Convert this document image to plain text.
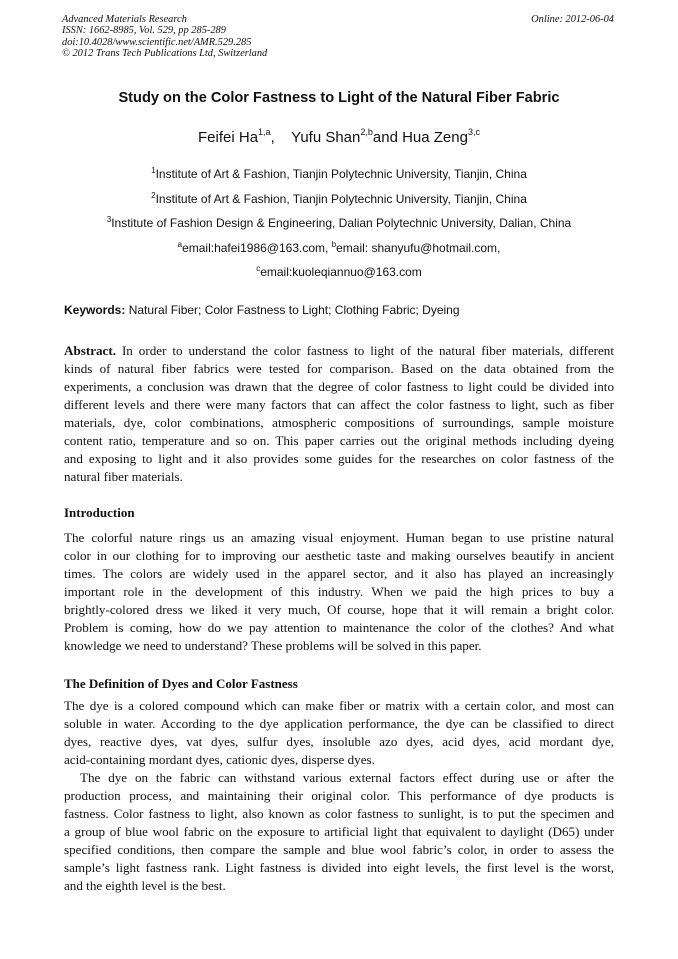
Advanced Materials Research
ISSN: 1662-8985, Vol. 529, pp 285-289
doi:10.4028/www.scientific.net/AMR.529.285
© 2012 Trans Tech Publications Ltd, Switzerland
Online: 2012-06-04
Study on the Color Fastness to Light of the Natural Fiber Fabric
Feifei Ha$^{1,a}$,    Yufu Shan$^{2,b}$and Hua Zeng$^{3,c}$
$^1$Institute of Art & Fashion, Tianjin Polytechnic University, Tianjin, China
$^2$Institute of Art & Fashion, Tianjin Polytechnic University, Tianjin, China
$^3$Institute of Fashion Design & Engineering, Dalian Polytechnic University, Dalian, China
$^a$email:hafei1986@163.com, $^b$email: shanyufu@hotmail.com,
$^c$email:kuoleqiannuo@163.com
Keywords: Natural Fiber; Color Fastness to Light; Clothing Fabric; Dyeing
Abstract. In order to understand the color fastness to light of the natural fiber materials, different
kinds of natural fiber fabrics were tested for comparison. Based on the data obtained from the
experiments, a conclusion was drawn that the degree of color fastness to light could be divided into
different levels and there were many factors that can affect the color fastness to light, such as fiber
materials, dye, color combinations, atmospheric compositions of surroundings, sample moisture
content ratio, temperature and so on. This paper carries out the original methods including dyeing
and exposing to light and it also provides some guides for the researches on color fastness of the
natural fiber materials.
Introduction
The colorful nature rings us an amazing visual enjoyment. Human began to use pristine natural
color in our clothing for to improving our aesthetic taste and making ourselves beautify in ancient
times. The colors are widely used in the apparel sector, and it also has played an increasingly
important role in the development of this industry. When we paid the high prices to buy a
brightly-colored dress we liked it very much, Of course, hope that it will remain a bright color.
Problem is coming, how do we pay attention to maintenance the color of the clothes? And what
knowledge we need to understand? These problems will be solved in this paper.
The Definition of Dyes and Color Fastness
The dye is a colored compound which can make fiber or matrix with a certain color, and most can
soluble in water. According to the dye application performance, the dye can be classified to direct
dyes, reactive dyes, vat dyes, sulfur dyes, insoluble azo dyes, acid dyes, acid mordant dye,
acid-containing mordant dyes, cationic dyes, disperse dyes.
The dye on the fabric can withstand various external factors effect during use or after the
production process, and maintaining their original color. This performance of dye products is
fastness. Color fastness to light, also known as color fastness to sunlight, is to put the specimen and
a group of blue wool fabric on the exposure to artificial light that equivalent to daylight (D65) under
specified conditions, then compare the sample and blue wool fabric’s color, in order to assess the
sample’s light fastness rank. Light fastness is divided into eight levels, the first level is the worst,
and the eighth level is the best.
